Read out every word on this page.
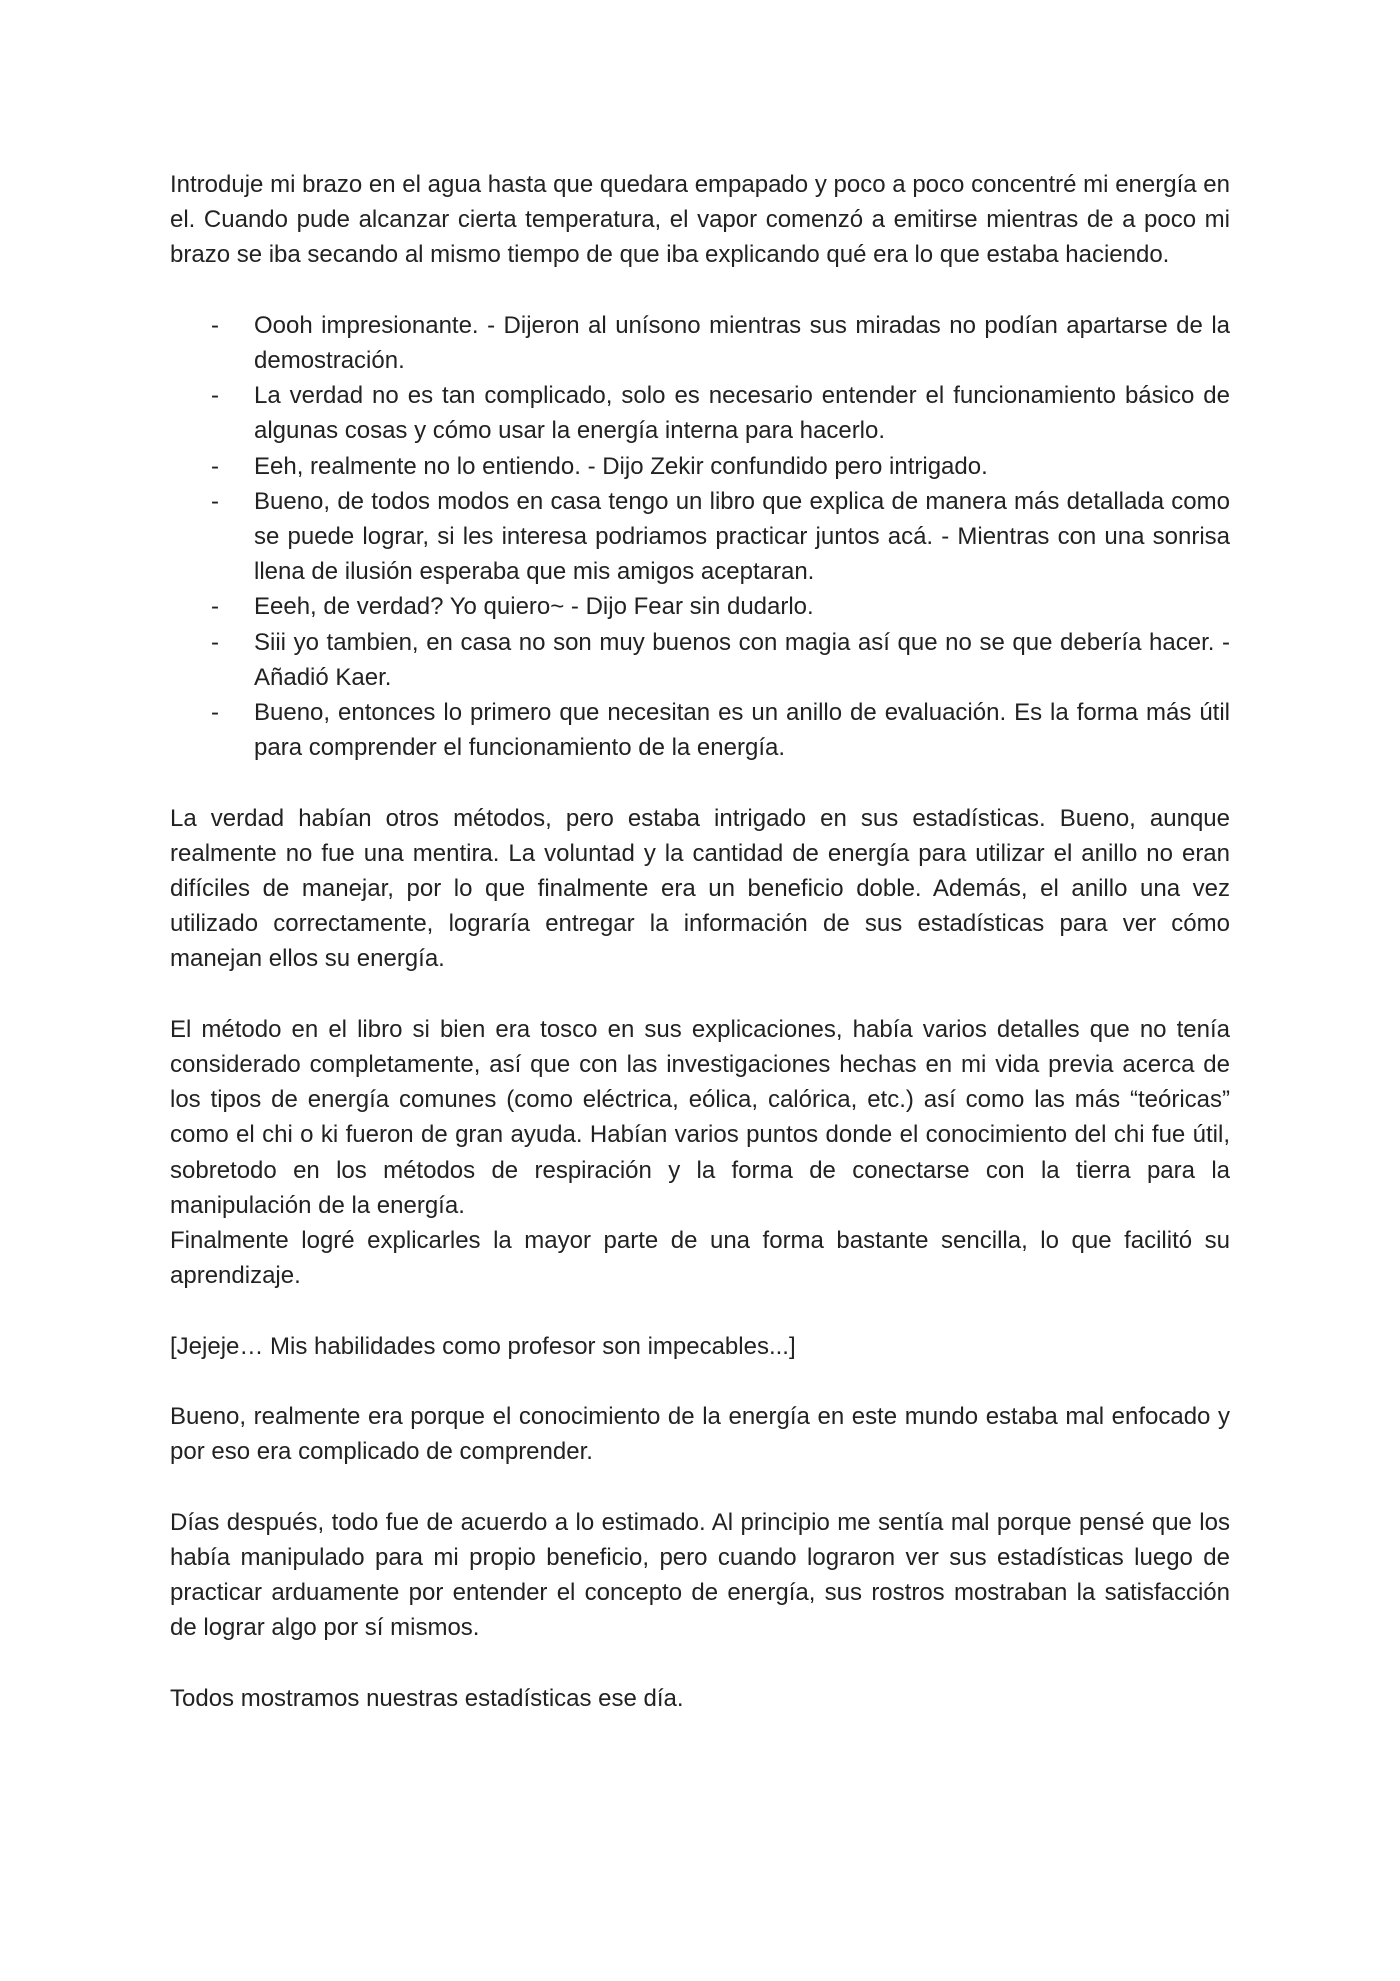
Introduje mi brazo en el agua hasta que quedara empapado y poco a poco concentré mi energía en el. Cuando pude alcanzar cierta temperatura, el vapor comenzó a emitirse mientras de a poco mi brazo se iba secando al mismo tiempo de que iba explicando qué era lo que estaba haciendo.

- Oooh impresionante. - Dijeron al unísono mientras sus miradas no podían apartarse de la demostración.
- La verdad no es tan complicado, solo es necesario entender el funcionamiento básico de algunas cosas y cómo usar la energía interna para hacerlo.
- Eeh, realmente no lo entiendo. - Dijo Zekir confundido pero intrigado.
- Bueno, de todos modos en casa tengo un libro que explica de manera más detallada como se puede lograr, si les interesa podriamos practicar juntos acá. - Mientras con una sonrisa llena de ilusión esperaba que mis amigos aceptaran.
- Eeeh, de verdad? Yo quiero~ - Dijo Fear sin dudarlo.
- Siii yo tambien, en casa no son muy buenos con magia así que no se que debería hacer. - Añadió Kaer.
- Bueno, entonces lo primero que necesitan es un anillo de evaluación. Es la forma más útil para comprender el funcionamiento de la energía.

La verdad habían otros métodos, pero estaba intrigado en sus estadísticas. Bueno, aunque realmente no fue una mentira. La voluntad y la cantidad de energía para utilizar el anillo no eran difíciles de manejar, por lo que finalmente era un beneficio doble. Además, el anillo una vez utilizado correctamente, lograría entregar la información de sus estadísticas para ver cómo manejan ellos su energía.

El método en el libro si bien era tosco en sus explicaciones, había varios detalles que no tenía considerado completamente, así que con las investigaciones hechas en mi vida previa acerca de los tipos de energía comunes (como eléctrica, eólica, calórica, etc.) así como las más “teóricas” como el chi o ki fueron de gran ayuda. Habían varios puntos donde el conocimiento del chi fue útil, sobretodo en los métodos de respiración y la forma de conectarse con la tierra para la manipulación de la energía.

Finalmente logré explicarles la mayor parte de una forma bastante sencilla, lo que facilitó su aprendizaje.

[Jejeje… Mis habilidades como profesor son impecables...]

Bueno, realmente era porque el conocimiento de la energía en este mundo estaba mal enfocado y por eso era complicado de comprender.

Días después, todo fue de acuerdo a lo estimado. Al principio me sentía mal porque pensé que los había manipulado para mi propio beneficio, pero cuando lograron ver sus estadísticas luego de practicar arduamente por entender el concepto de energía, sus rostros mostraban la satisfacción de lograr algo por sí mismos.

Todos mostramos nuestras estadísticas ese día.
